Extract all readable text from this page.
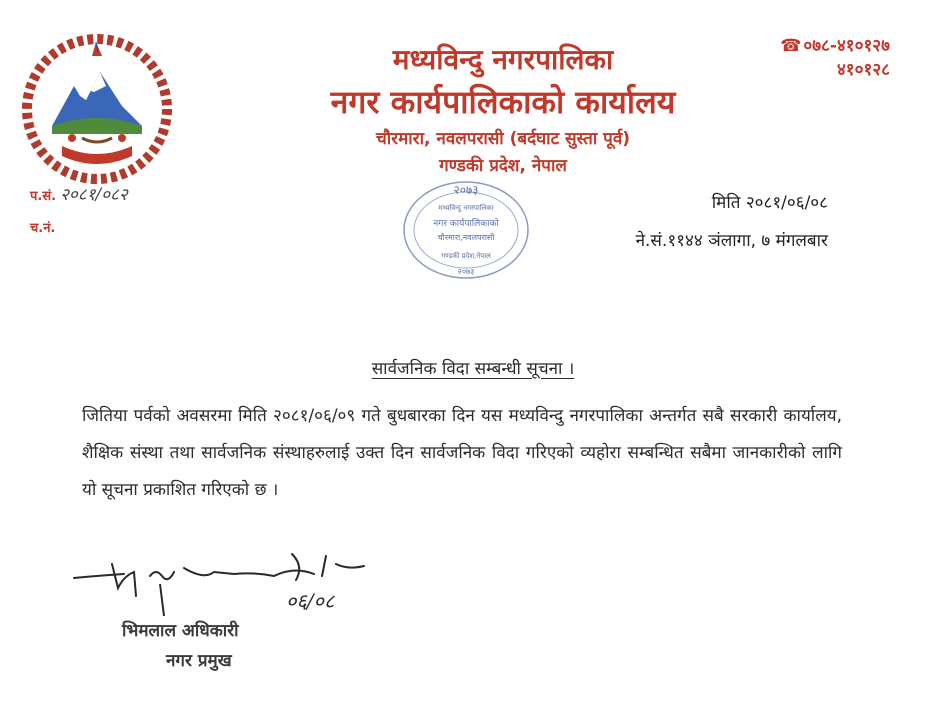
मध्यविन्दु नगरपालिका
नगर कार्यपालिकाको कार्यालय
चौरमारा, नवलपरासी (बर्दघाट सुस्ता पूर्व)
गण्डकी प्रदेश, नेपाल
☎ ०७८-४१०१२७
४१०१२८
प.सं. २०८१/०८२
च.नं.
मिति २०८१/०६/०८
ने.सं.११४४ ञंलागा, ७ मंगलबार
२०७३
मध्यविन्दु नगरपालिका
नगर कार्यपालिकाको
चौरमारा,नवलपरासी
गण्डकी प्रदेश,नेपाल
२०७३
सार्वजनिक विदा सम्बन्धी सूचना ।
जितिया पर्वको अवसरमा मिति २०८१/०६/०९ गते बुधबारका दिन यस मध्यविन्दु नगरपालिका अन्तर्गत सबै सरकारी कार्यालय, शैक्षिक संस्था तथा सार्वजनिक संस्थाहरुलाई उक्त दिन सार्वजनिक विदा गरिएको व्यहोरा सम्बन्धित सबैमा जानकारीको लागि यो सूचना प्रकाशित गरिएको छ ।
०६/०८
भिमलाल अधिकारी
नगर प्रमुख
